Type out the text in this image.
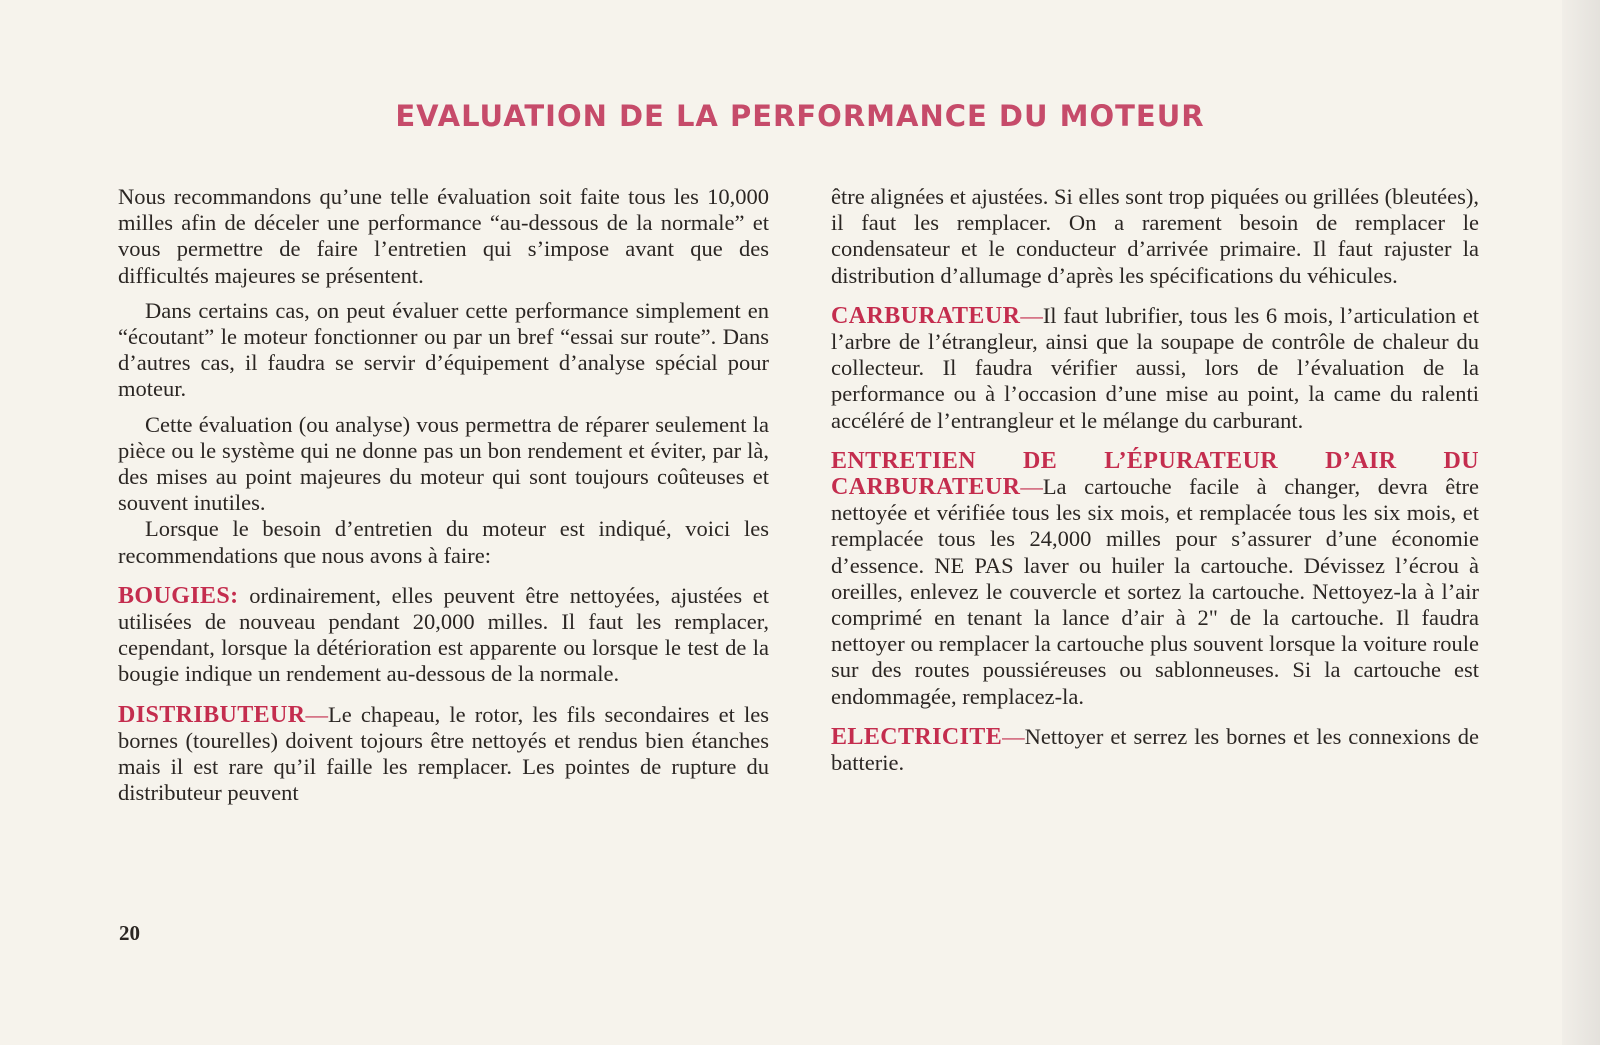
EVALUATION DE LA PERFORMANCE DU MOTEUR

Nous recommandons qu’une telle évaluation soit faite tous les 10,000 milles afin de déceler une performance “au-dessous de la normale” et vous permettre de faire l’entretien qui s’impose avant que des difficultés majeures se présentent.

Dans certains cas, on peut évaluer cette performance simplement en “écoutant” le moteur fonctionner ou par un bref “essai sur route”. Dans d’autres cas, il faudra se servir d’équipement d’analyse spécial pour moteur.

Cette évaluation (ou analyse) vous permettra de réparer seulement la pièce ou le système qui ne donne pas un bon rendement et éviter, par là, des mises au point majeures du moteur qui sont toujours coûteuses et souvent inutiles.

Lorsque le besoin d’entretien du moteur est indiqué, voici les recommendations que nous avons à faire:

BOUGIES: ordinairement, elles peuvent être nettoyées, ajustées et utilisées de nouveau pendant 20,000 milles. Il faut les remplacer, cependant, lorsque la détérioration est apparente ou lorsque le test de la bougie indique un rendement au-dessous de la normale.

DISTRIBUTEUR—Le chapeau, le rotor, les fils secondaires et les bornes (tourelles) doivent tojours être nettoyés et rendus bien étanches mais il est rare qu’il faille les remplacer. Les pointes de rupture du distributeur peuvent

être alignées et ajustées. Si elles sont trop piquées ou grillées (bleutées), il faut les remplacer. On a rarement besoin de remplacer le condensateur et le conducteur d’arrivée primaire. Il faut rajuster la distribution d’allumage d’après les spécifications du véhicules.

CARBURATEUR—Il faut lubrifier, tous les 6 mois, l’articulation et l’arbre de l’étrangleur, ainsi que la soupape de contrôle de chaleur du collecteur. Il faudra vérifier aussi, lors de l’évaluation de la performance ou à l’occasion d’une mise au point, la came du ralenti accéléré de l’entrangleur et le mélange du carburant.

ENTRETIEN DE L’ÉPURATEUR D’AIR DU CARBURATEUR—La cartouche facile à changer, devra être nettoyée et vérifiée tous les six mois, et remplacée tous les six mois, et remplacée tous les 24,000 milles pour s’assurer d’une économie d’essence. NE PAS laver ou huiler la cartouche. Dévissez l’écrou à oreilles, enlevez le couvercle et sortez la cartouche. Nettoyez-la à l’air comprimé en tenant la lance d’air à 2" de la cartouche. Il faudra nettoyer ou remplacer la cartouche plus souvent lorsque la voiture roule sur des routes poussiéreuses ou sablonneuses. Si la cartouche est endommagée, remplacez-la.

ELECTRICITE—Nettoyer et serrez les bornes et les connexions de batterie.

20
